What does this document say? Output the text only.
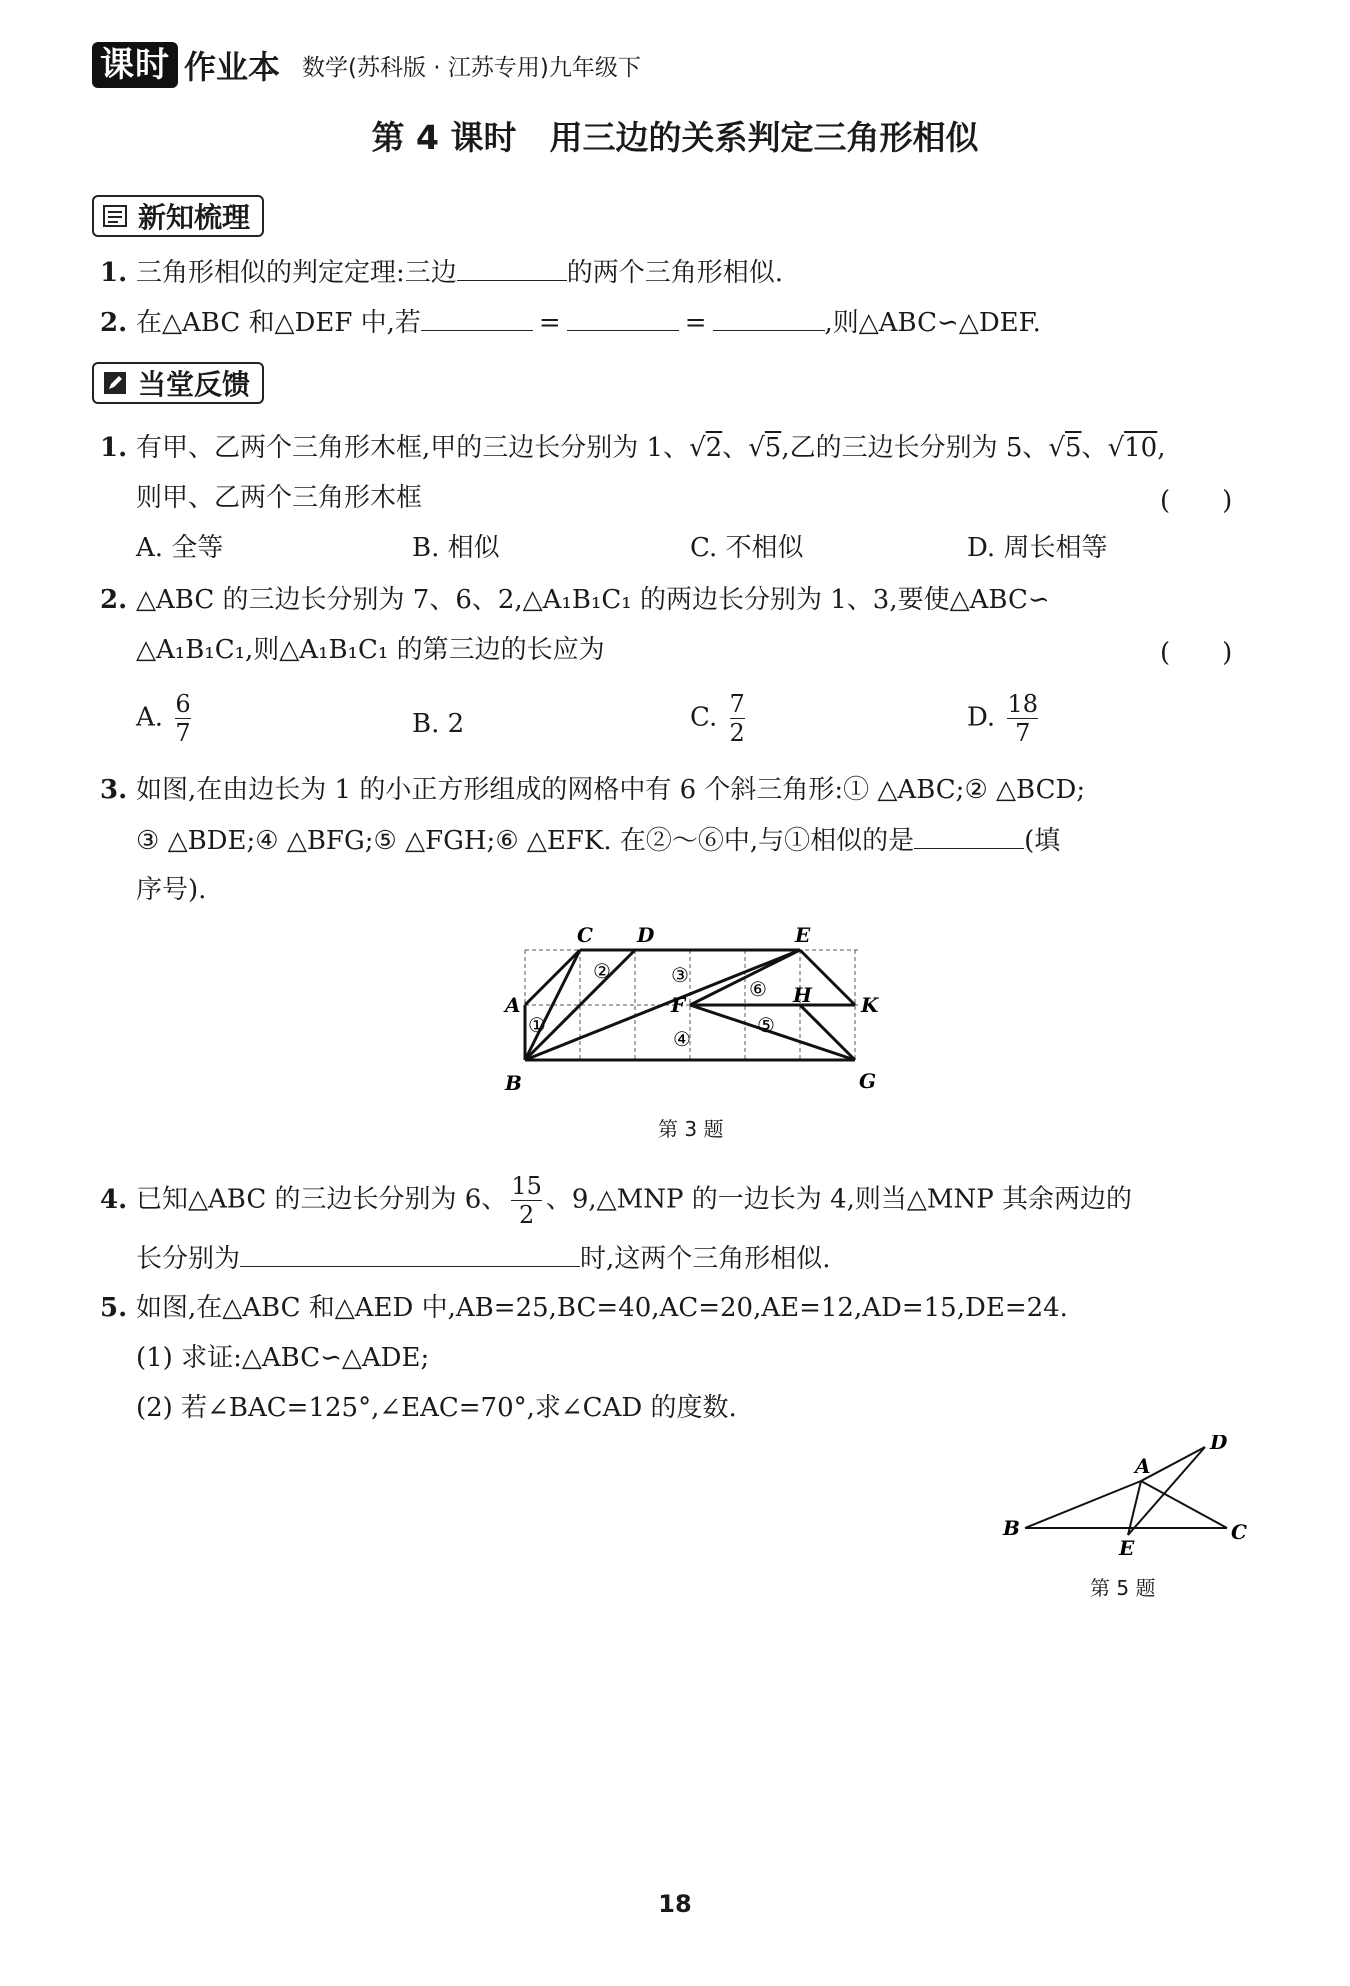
课时 作业本 数学(苏科版 · 江苏专用)九年级下
第 4 课时　用三边的关系判定三角形相似
新知梳理
1. 三角形相似的判定定理:三边	的两个三角形相似.
2. 在△ABC 和△DEF 中,若	=	=	,则△ABC∽△DEF.
当堂反馈
1. 有甲、乙两个三角形木框,甲的三边长分别为 1、√2、√5,乙的三边长分别为 5、√5、√10,
则甲、乙两个三角形木框	(　　)
A. 全等	B. 相似	C. 不相似	D. 周长相等
2. △ABC 的三边长分别为 7、6、2,△A₁B₁C₁ 的两边长分别为 1、3,要使△ABC∽
△A₁B₁C₁,则△A₁B₁C₁ 的第三边的长应为	(　　)
A. $\frac{6}{7}$	B. 2	C. $\frac{7}{2}$	D. $\frac{18}{7}$
3. 如图,在由边长为 1 的小正方形组成的网格中有 6 个斜三角形:① △ABC;② △BCD;
③ △BDE;④ △BFG;⑤ △FGH;⑥ △EFK. 在②～⑥中,与①相似的是	(填
序号).
C D	E
A
B
F	H K
G
①
②	③
④
⑤
⑥
第 3 题
4. 已知△ABC 的三边长分别为 6、 $\frac{15}{2}$ 、9,△MNP 的一边长为 4,则当△MNP 其余两边的
长分别为	时,这两个三角形相似.
5. 如图,在△ABC 和△AED 中,AB=25,BC=40,AC=20,AE=12,AD=15,DE=24.
(1) 求证:△ABC∽△ADE;
(2) 若∠BAC=125°,∠EAC=70°,求∠CAD 的度数.
A
B	C
D
E
第 5 题
18
